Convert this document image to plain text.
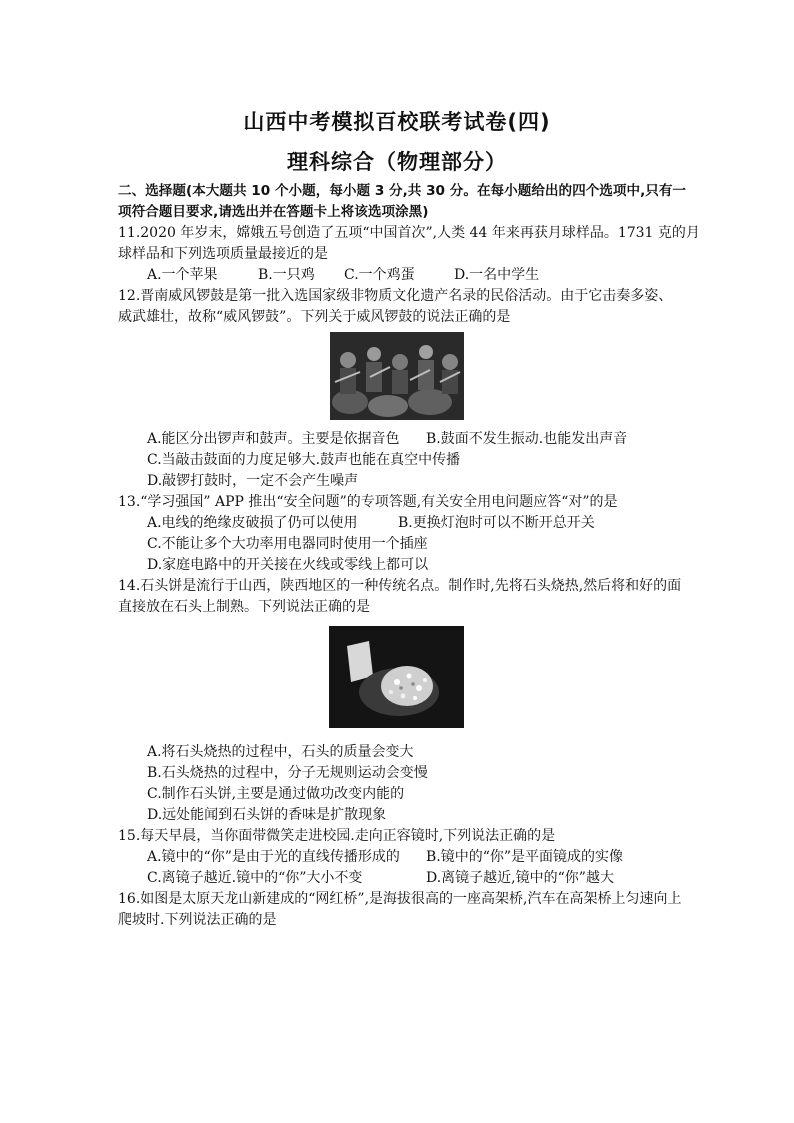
山西中考模拟百校联考试卷(四)
理科综合（物理部分）
二、选择题(本大题共 10 个小题，每小题 3 分,共 30 分。在每小题给出的四个选项中,只有一
项符合题目要求,请选出并在答题卡上将该选项涂黑)
11.2020 年岁末，嫦娥五号创造了五项“中国首次”,人类 44 年来再获月球样品。1731 克的月
球样品和下列选项质量最接近的是
A.一个苹果	B.一只鸡 C.一个鸡蛋	D.一名中学生
12.晋南威风锣鼓是第一批入选国家级非物质文化遗产名录的民俗活动。由于它击奏多姿、
威武雄壮，故称“威风锣鼓”。下列关于威风锣鼓的说法正确的是
A.能区分出锣声和鼓声。主要是依据音色 B.鼓面不发生振动.也能发出声音
C.当敲击鼓面的力度足够大.鼓声也能在真空中传播
D.敲锣打鼓时，一定不会产生噪声
13.“学习强国” APP 推出“安全问题”的专项答题,有关安全用电问题应答“对”的是
A.电线的绝缘皮破损了仍可以使用	B.更换灯泡时可以不断开总开关
C.不能让多个大功率用电器同时使用一个插座
D.家庭电路中的开关接在火线或零线上都可以
14.石头饼是流行于山西，陕西地区的一种传统名点。制作时,先将石头烧热,然后将和好的面
直接放在石头上制熟。下列说法正确的是
A.将石头烧热的过程中，石头的质量会变大
B.石头烧热的过程中，分子无规则运动会变慢
C.制作石头饼,主要是通过做功改变内能的
D.远处能闻到石头饼的香味是扩散现象
15.每天早晨，当你面带微笑走进校园.走向正容镜时,下列说法正确的是
A.镜中的“你”是由于光的直线传播形成的 B.镜中的“你”是平面镜成的实像
C.离镜子越近.镜中的“你”大小不变	D.离镜子越近,镜中的“你”越大
16.如图是太原天龙山新建成的“网红桥”,是海拔很高的一座高架桥,汽车在高架桥上匀速向上
爬坡时.下列说法正确的是
